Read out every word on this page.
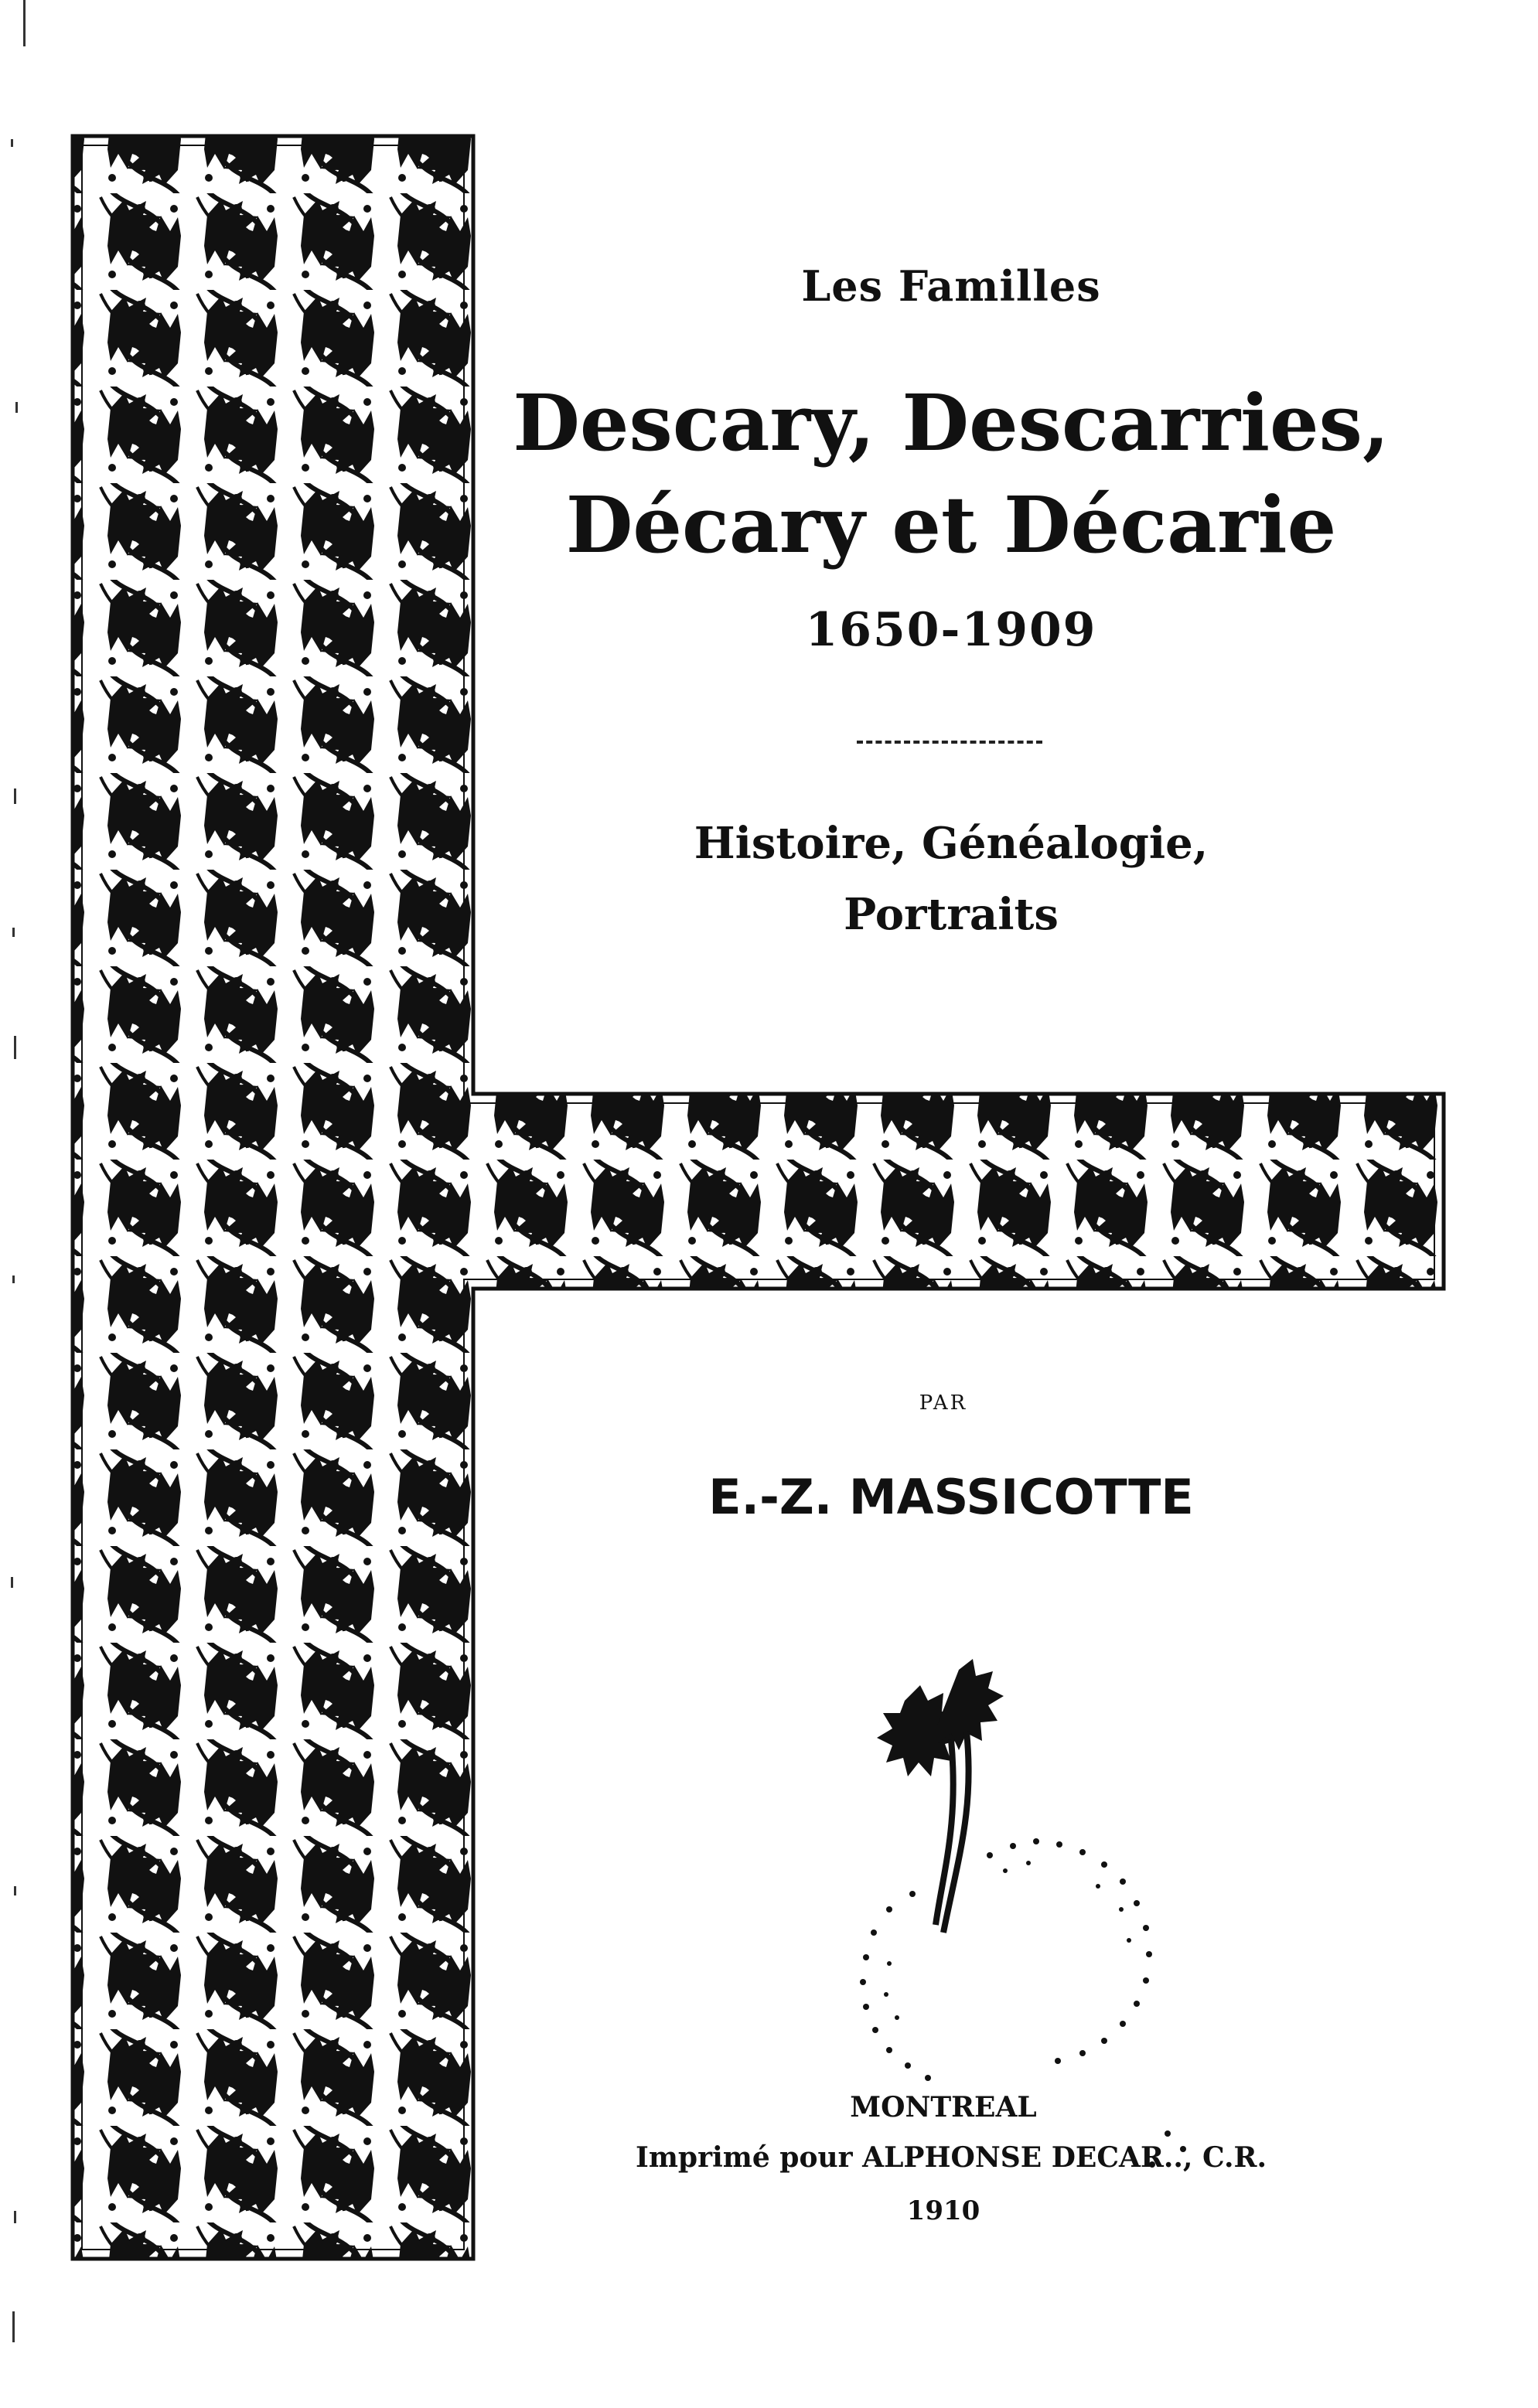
Les Familles
Descary, Descarries,
Décary et Décarie
1650-1909
Histoire, Généalogie,
Portraits
PAR
E.-Z. MASSICOTTE
MONTREAL
Imprimé pour ALPHONSE DECAR.., C.R.
1910
